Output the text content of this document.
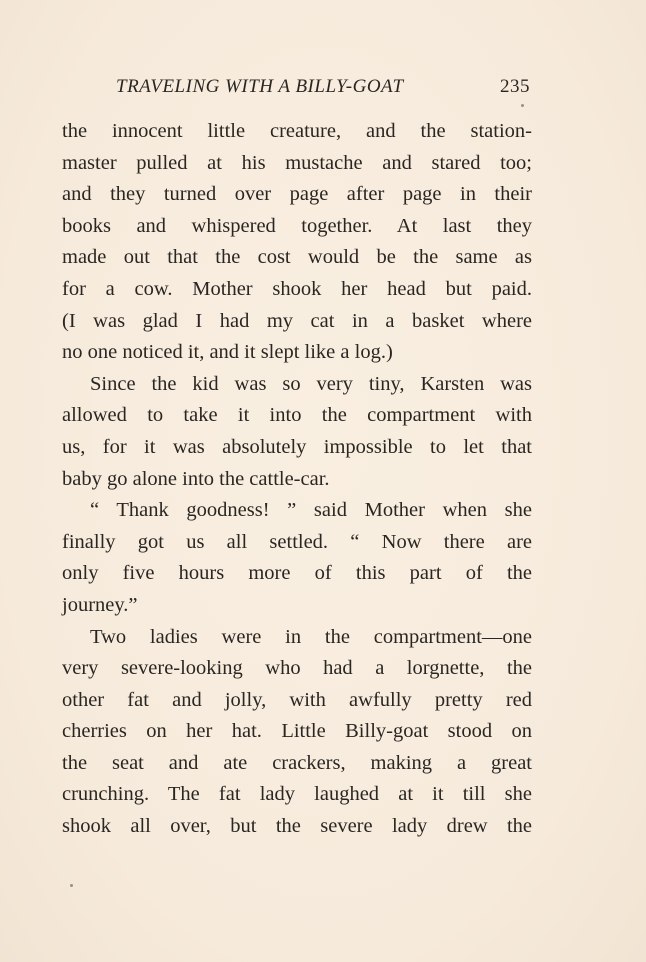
TRAVELING WITH A BILLY-GOAT	235
the innocent little creature, and the station-
master pulled at his mustache and stared too;
and they turned over page after page in their
books and whispered together. At last they
made out that the cost would be the same as
for a cow. Mother shook her head but paid.
(I was glad I had my cat in a basket where
no one noticed it, and it slept like a log.)
Since the kid was so very tiny, Karsten was
allowed to take it into the compartment with
us, for it was absolutely impossible to let that
baby go alone into the cattle-car.
“ Thank goodness! ” said Mother when she
finally got us all settled. “ Now there are
only five hours more of this part of the
journey.”
Two ladies were in the compartment—one
very severe-looking who had a lorgnette, the
other fat and jolly, with awfully pretty red
cherries on her hat. Little Billy-goat stood on
the seat and ate crackers, making a great
crunching. The fat lady laughed at it till she
shook all over, but the severe lady drew the
